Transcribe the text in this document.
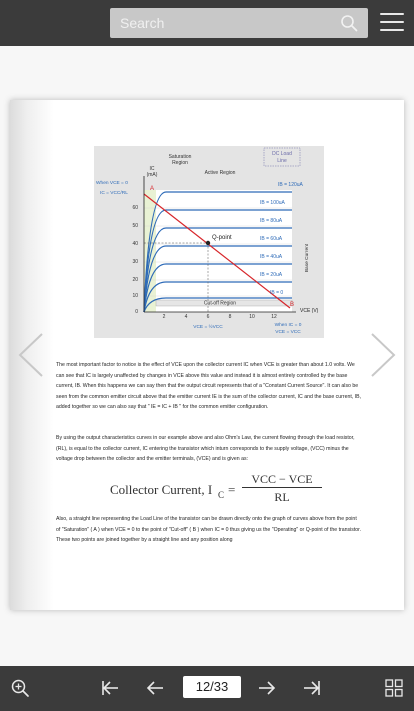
Search
Cut-off Region
IB = 120uA
IB = 100uA
IB = 80uA
IB = 60uA
IB = 40uA
IB = 20uA
IB = 0
60
50
40
30
20
10
0
2	4	6	8	10	12
IC
(mA)
Saturation
Region
Active Region
DC Load
Line
Q-point
Base Current
When VCE = 0
IC = VCC/RL
A
B
VCE (V)
VCE = ½VCC	When IC = 0
VCE = VCC
The most important factor to notice is the effect of VCE upon the collector current IC when VCE is greater than about 1.0 volts. We can see that IC is largely unaffected by changes in VCE above this value and instead it is almost entirely controlled by the base current, IB. When this happens we can say then that the output circuit represents that of a "Constant Current Source". It can also be seen from the common emitter circuit above that the emitter current IE is the sum of the collector current, IC and the base current, IB, added together so we can also say that " IE = IC + IB " for the common emitter configuration.
By using the output characteristics curves in our example above and also Ohm's Law, the current flowing through the load resistor, (RL), is equal to the collector current, IC entering the transistor which inturn corresponds to the supply voltage, (VCC) minus the voltage drop between the collector and the emitter terminals, (VCE) and is given as:
Collector Current, I C =
VCC − VCE
RL
Also, a straight line representing the Load Line of the transistor can be drawn directly onto the graph of curves above from the point of "Saturation" ( A ) when VCE = 0 to the point of "Cut-off" ( B ) when IC = 0 thus giving us the "Operating" or Q-point of the transistor. These two points are joined together by a straight line and any position along
12/33
